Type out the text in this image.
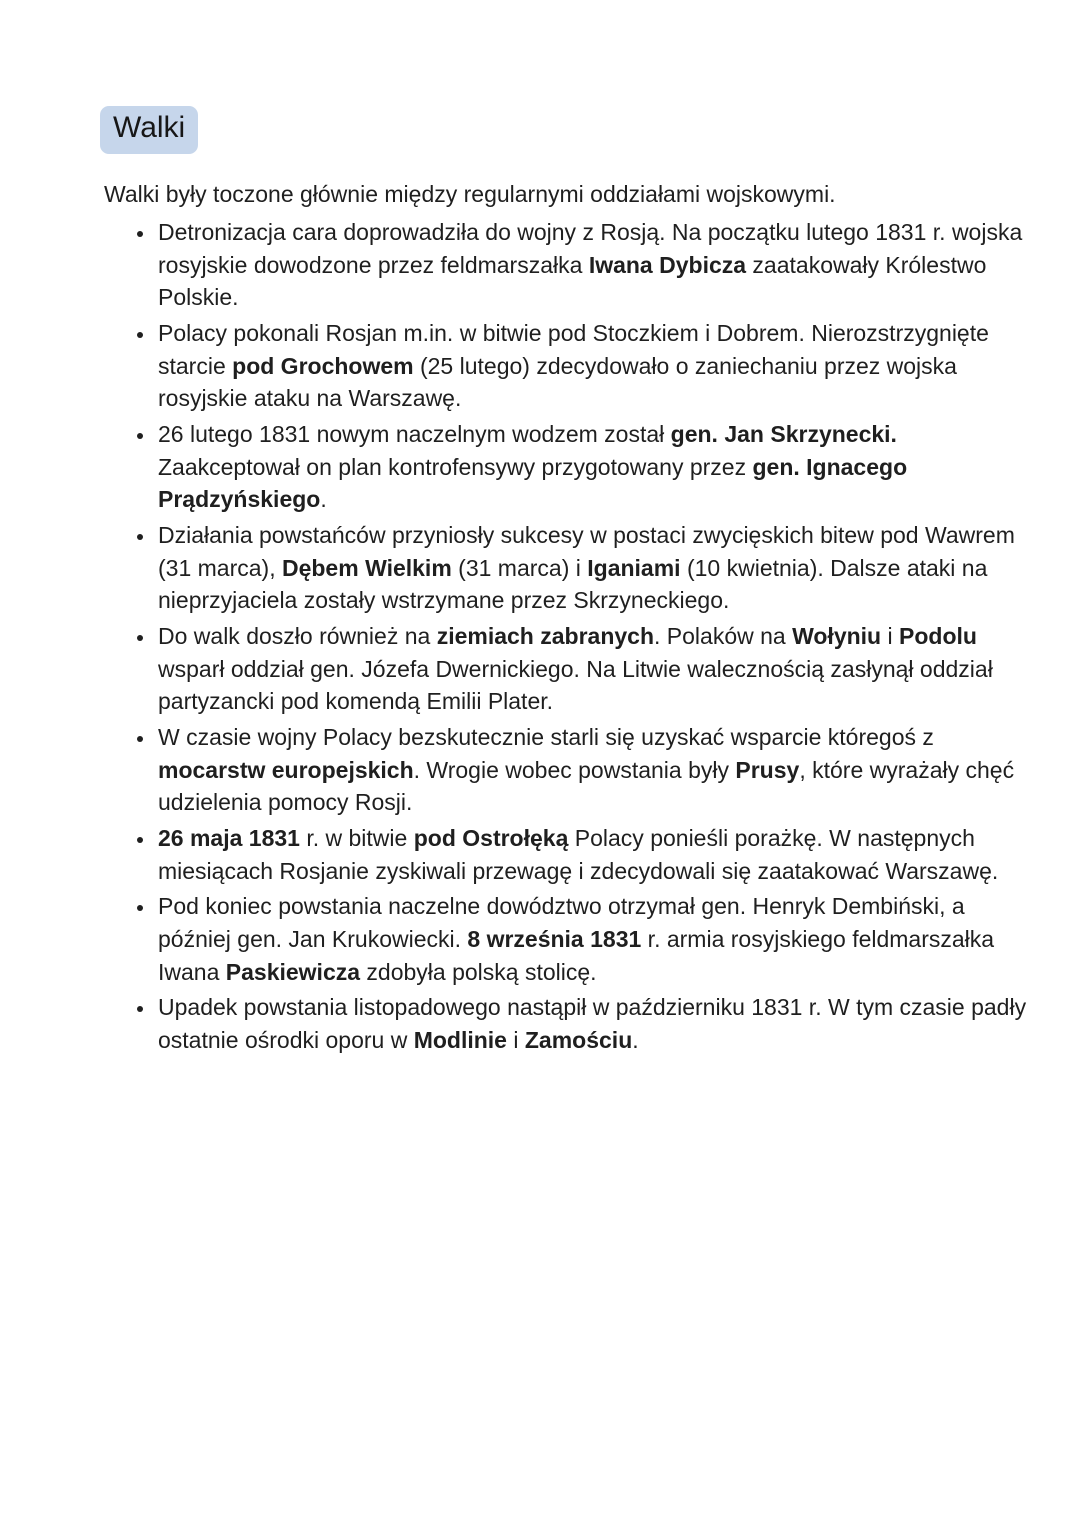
Walki

Walki były toczone głównie między regularnymi oddziałami wojskowymi.

• Detronizacja cara doprowadziła do wojny z Rosją. Na początku lutego 1831 r. wojska rosyjskie dowodzone przez feldmarszałka Iwana Dybicza zaatakowały Królestwo Polskie.
• Polacy pokonali Rosjan m.in. w bitwie pod Stoczkiem i Dobrem. Nierozstrzygnięte starcie pod Grochowem (25 lutego) zdecydowało o zaniechaniu przez wojska rosyjskie ataku na Warszawę.
• 26 lutego 1831 nowym naczelnym wodzem został gen. Jan Skrzynecki. Zaakceptował on plan kontrofensywy przygotowany przez gen. Ignacego Prądzyńskiego.
• Działania powstańców przyniosły sukcesy w postaci zwycięskich bitew pod Wawrem (31 marca), Dębem Wielkim (31 marca) i Iganiami (10 kwietnia). Dalsze ataki na nieprzyjaciela zostały wstrzymane przez Skrzyneckiego.
• Do walk doszło również na ziemiach zabranych. Polaków na Wołyniu i Podolu wsparł oddział gen. Józefa Dwernickiego. Na Litwie walecznością zasłynął oddział partyzancki pod komendą Emilii Plater.
• W czasie wojny Polacy bezskutecznie starli się uzyskać wsparcie któregoś z mocarstw europejskich. Wrogie wobec powstania były Prusy, które wyrażały chęć udzielenia pomocy Rosji.
• 26 maja 1831 r. w bitwie pod Ostrołęką Polacy ponieśli porażkę. W następnych miesiącach Rosjanie zyskiwali przewagę i zdecydowali się zaatakować Warszawę.
• Pod koniec powstania naczelne dowództwo otrzymał gen. Henryk Dembiński, a później gen. Jan Krukowiecki. 8 września 1831 r. armia rosyjskiego feldmarszałka Iwana Paskiewicza zdobyła polską stolicę.
• Upadek powstania listopadowego nastąpił w październiku 1831 r. W tym czasie padły ostatnie ośrodki oporu w Modlinie i Zamościu.
